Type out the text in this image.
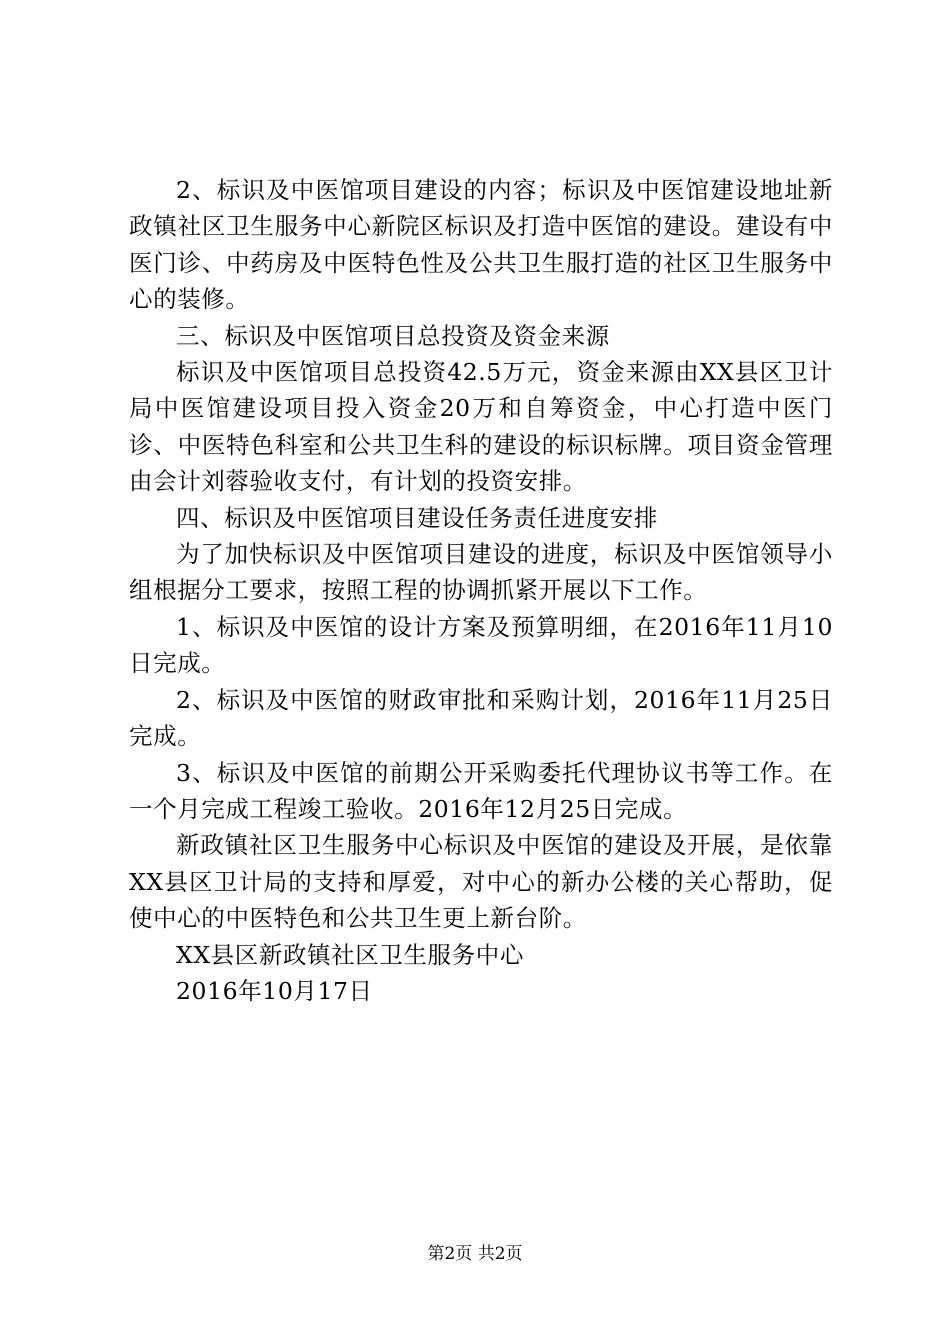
2、标识及中医馆项目建设的内容；标识及中医馆建设地址新政镇社区卫生服务中心新院区标识及打造中医馆的建设。建设有中医门诊、中药房及中医特色性及公共卫生服打造的社区卫生服务中心的装修。

三、标识及中医馆项目总投资及资金来源

标识及中医馆项目总投资42.5万元，资金来源由XX县区卫计局中医馆建设项目投入资金20万和自筹资金，中心打造中医门诊、中医特色科室和公共卫生科的建设的标识标牌。项目资金管理由会计刘蓉验收支付，有计划的投资安排。

四、标识及中医馆项目建设任务责任进度安排

为了加快标识及中医馆项目建设的进度，标识及中医馆领导小组根据分工要求，按照工程的协调抓紧开展以下工作。

1、标识及中医馆的设计方案及预算明细，在2016年11月10日完成。

2、标识及中医馆的财政审批和采购计划，2016年11月25日完成。

3、标识及中医馆的前期公开采购委托代理协议书等工作。在一个月完成工程竣工验收。2016年12月25日完成。

新政镇社区卫生服务中心标识及中医馆的建设及开展，是依靠XX县区卫计局的支持和厚爱，对中心的新办公楼的关心帮助，促使中心的中医特色和公共卫生更上新台阶。

XX县区新政镇社区卫生服务中心

2016年10月17日

第2页 共2页
